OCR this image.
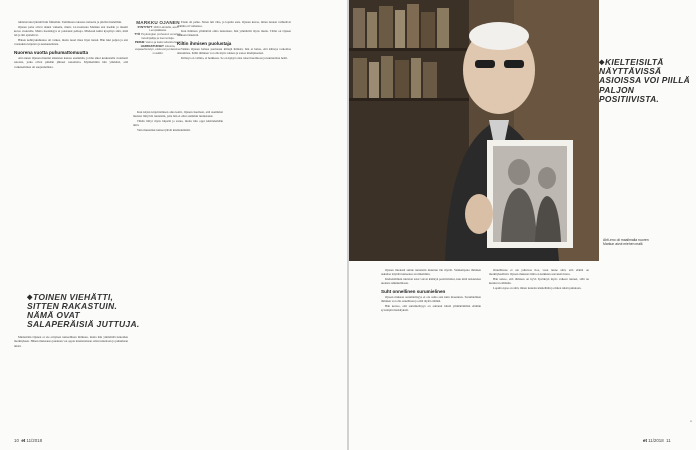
tuhlattavaksi jännittäviin filmeihin. Tamminen rakastaa tarinoita ja piirtää mielellään.

Ojanen pelot olivat aluksi vaikeita, mutta 14-vuotiaana Markku etsi itseään ja muutti kotoa vuokralle. Mutta itsenäisyys ei poistanut pelkoja. Mielessä kulki kysymys siitä, mitä isä ja äiti ajattelivat.

Hänen kehityskulkunsa oli vaikea, mutta nuori mies löysi tiensä. Hän luki paljon ja etsi vastauksia kirjoista ja keskusteluista.

Nuorena vuotta puhumattomuutta

Aiti ennen Ojanen muuttui aikuisten kanssa enemmän, ja hän alkoi keskustella avoimesti asioista, jotka olivat pitkään jääneet sanomatta. Myöhemmin hän ymmärsi, että vaikeneminen oli suojautumista.

MARKKU OJANEN
SYNTYNYT1944 Lahdella, asuu Lempäälässä.
TYÖPsykologian professori emeritus, tietokirjailija ja luennoitsija.
PERHEVaimo ja kaksi aikuista lasta.
HARRASTUKSETLiikunta, vapaaehtoistyö, elokuvat ja klassinen musiikki.

Kun kirjan kirjoittamisen aika koitti, Ojanen huomasi, että useimmat muistot liittyivät tunteisiin, joita hän ei ollut aiemmin tunnistanut.

Tähän liittyi myös häpeää ja surua, mutta hän oppi käsittelemään niitä.

Vain muutamat tunteet jäivät käsittelemättä.

TOINEN VIEHÄTTI, SITTEN RAKASTUIN. NÄMÄ OVAT SALAPERÄISIÄ JUTTUJA.

Mielestään Ojanen ei ole erityisen tunteellinen ihminen, mutta hän ymmärtää tunteiden merkityksen. Hänen mukaansa jokainen voi oppia tunnistamaan omia tunteitaan ja puhumaan niistä.

Ensin oli pelko. Sitten tuli viha, ja lopulta suru. Ojanen kuvaa, miten tunteet vaihtelivat elämän eri vaiheissa.

Kun ihminen ymmärtää omia tunteitaan, hän ymmärtää myös muita. Tämä on Ojasen mukaan tärkeintä.

Kiltin ihmisen puolustaja

Vaikka Ojanen haluaa puolustaa kilttejä ihmisiä, hän ei halua, että kiltteys tarkoittaa alistumista. Kiltti ihminen voi olla myös rohkea ja sanoa mielipiteensä.

Kiltteys on valinta, ei heikkous. Se on kykyä ottaa toiset huomioon ja kunnioittaa heitä.

10 et 11/2018
KIELTEISILTÄ NÄYTTÄVISSÄ ASIOISSA VOI PIILLÄ PALJON POSITIIVISTA.
Ahti-eno oli maailmalla nuoren Markun aivot miehen malli.

Ojanen mielestä suhde tunteisiin muuttuu iän myötä. Vanhempana ihminen uskaltaa näyttää tunteensa avoimemmin.

Kielteisiltäkin tuntuvat asiat voivat kääntyä positiivisiksi, kun niitä tarkastelee uudesta näkökulmasta.

Suht onnellinen surumielinen

Ojasen mukaan surumielisyys ei ole sama asia kuin masennus. Surumielinen ihminen voi olla onnellinen ja elää täyttä elämää.

Hän kertoo, että surumielisyys on auttanut häntä ymmärtämään elämän syvempiä merkityksiä.

Onnellisuus ei ole jatkuvaa iloa, vaan tunne siitä, että elämä on merkityksellistä. Ojasen mukaan tämä on kaikkien saavutettavissa.

Hän uskoo, että ihmisen on hyvä hyväksyä myös vaikeat tunteet, sillä ne kuuluvat elämään.

Lopulta kyse on siitä, miten tunteita käsitellään ja miten niistä puhutaan.

»
et 11/2018 11
